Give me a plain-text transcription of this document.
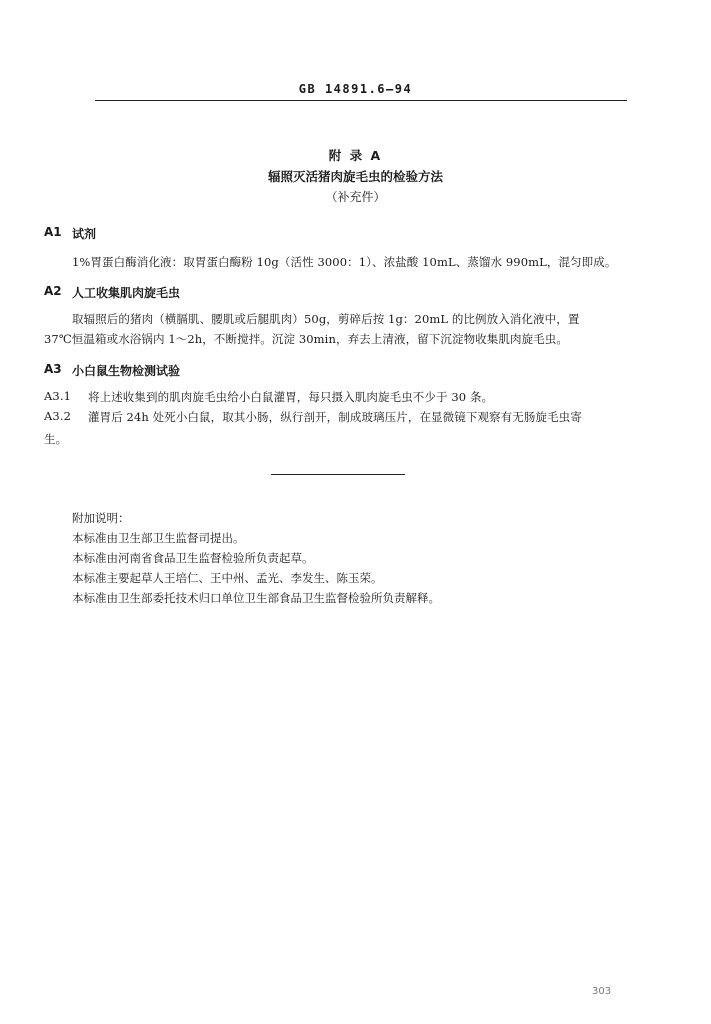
GB 14891.6—94
附 录 A
辐照灭活猪肉旋毛虫的检验方法
（补充件）
A1 试剂
1%胃蛋白酶消化液：取胃蛋白酶粉 10g（活性 3000：1）、浓盐酸 10mL、蒸馏水 990mL，混匀即成。
A2 人工收集肌肉旋毛虫
取辐照后的猪肉（横膈肌、腰肌或后腿肌肉）50g，剪碎后按 1g：20mL 的比例放入消化液中，置
37℃恒温箱或水浴锅内 1～2h，不断搅拌。沉淀 30min，弃去上清液，留下沉淀物收集肌肉旋毛虫。
A3 小白鼠生物检测试验
A3.1 将上述收集到的肌肉旋毛虫给小白鼠灌胃，每只摄入肌肉旋毛虫不少于 30 条。
A3.2 灌胃后 24h 处死小白鼠，取其小肠，纵行剖开，制成玻璃压片，在显微镜下观察有无肠旋毛虫寄
生。
附加说明：
本标准由卫生部卫生监督司提出。
本标准由河南省食品卫生监督检验所负责起草。
本标准主要起草人王培仁、王中州、孟光、李发生、陈玉荣。
本标准由卫生部委托技术归口单位卫生部食品卫生监督检验所负责解释。
303
